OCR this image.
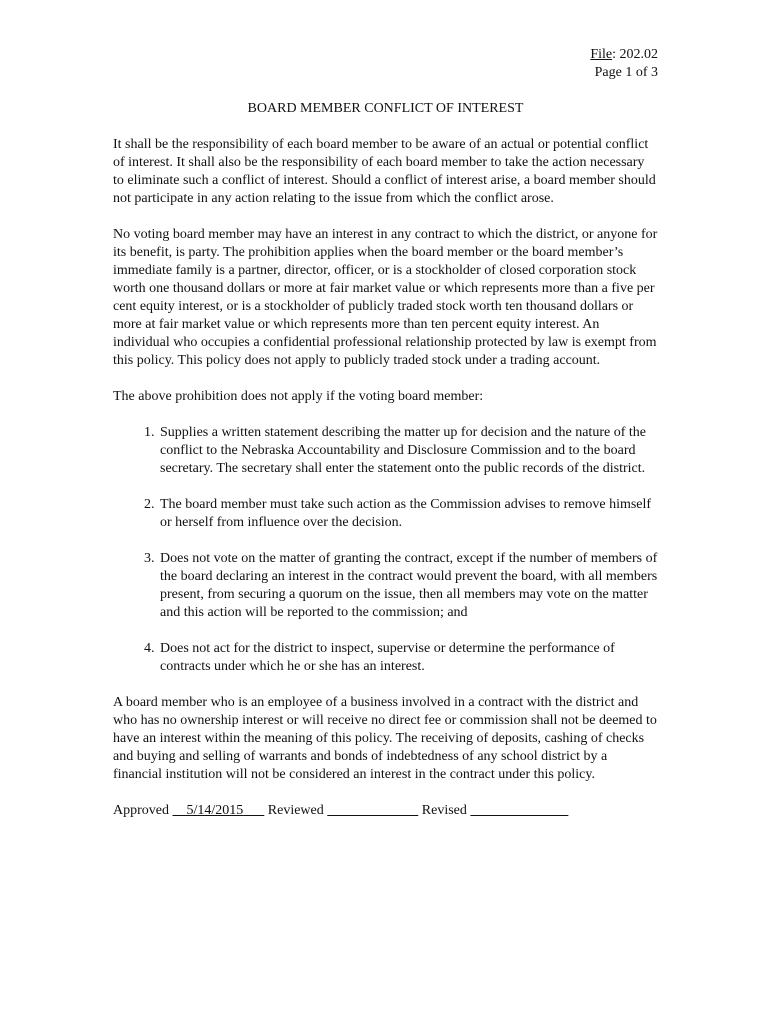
File: 202.02
Page 1 of 3
BOARD MEMBER CONFLICT OF INTEREST

It shall be the responsibility of each board member to be aware of an actual or potential conflict of interest. It shall also be the responsibility of each board member to take the action necessary to eliminate such a conflict of interest. Should a conflict of interest arise, a board member should not participate in any action relating to the issue from which the conflict arose.

No voting board member may have an interest in any contract to which the district, or anyone for its benefit, is party. The prohibition applies when the board member or the board member’s immediate family is a partner, director, officer, or is a stockholder of closed corporation stock worth one thousand dollars or more at fair market value or which represents more than a five per cent equity interest, or is a stockholder of publicly traded stock worth ten thousand dollars or more at fair market value or which represents more than ten percent equity interest. An individual who occupies a confidential professional relationship protected by law is exempt from this policy. This policy does not apply to publicly traded stock under a trading account.

The above prohibition does not apply if the voting board member:

1. Supplies a written statement describing the matter up for decision and the nature of the conflict to the Nebraska Accountability and Disclosure Commission and to the board secretary. The secretary shall enter the statement onto the public records of the district.
2. The board member must take such action as the Commission advises to remove himself or herself from influence over the decision.
3. Does not vote on the matter of granting the contract, except if the number of members of the board declaring an interest in the contract would prevent the board, with all members present, from securing a quorum on the issue, then all members may vote on the matter and this action will be reported to the commission; and
4. Does not act for the district to inspect, supervise or determine the performance of contracts under which he or she has an interest.

A board member who is an employee of a business involved in a contract with the district and who has no ownership interest or will receive no direct fee or commission shall not be deemed to have an interest within the meaning of this policy. The receiving of deposits, cashing of checks and buying and selling of warrants and bonds of indebtedness of any school district by a financial institution will not be considered an interest in the contract under this policy.

Approved 5/14/2015 Reviewed	Revised
